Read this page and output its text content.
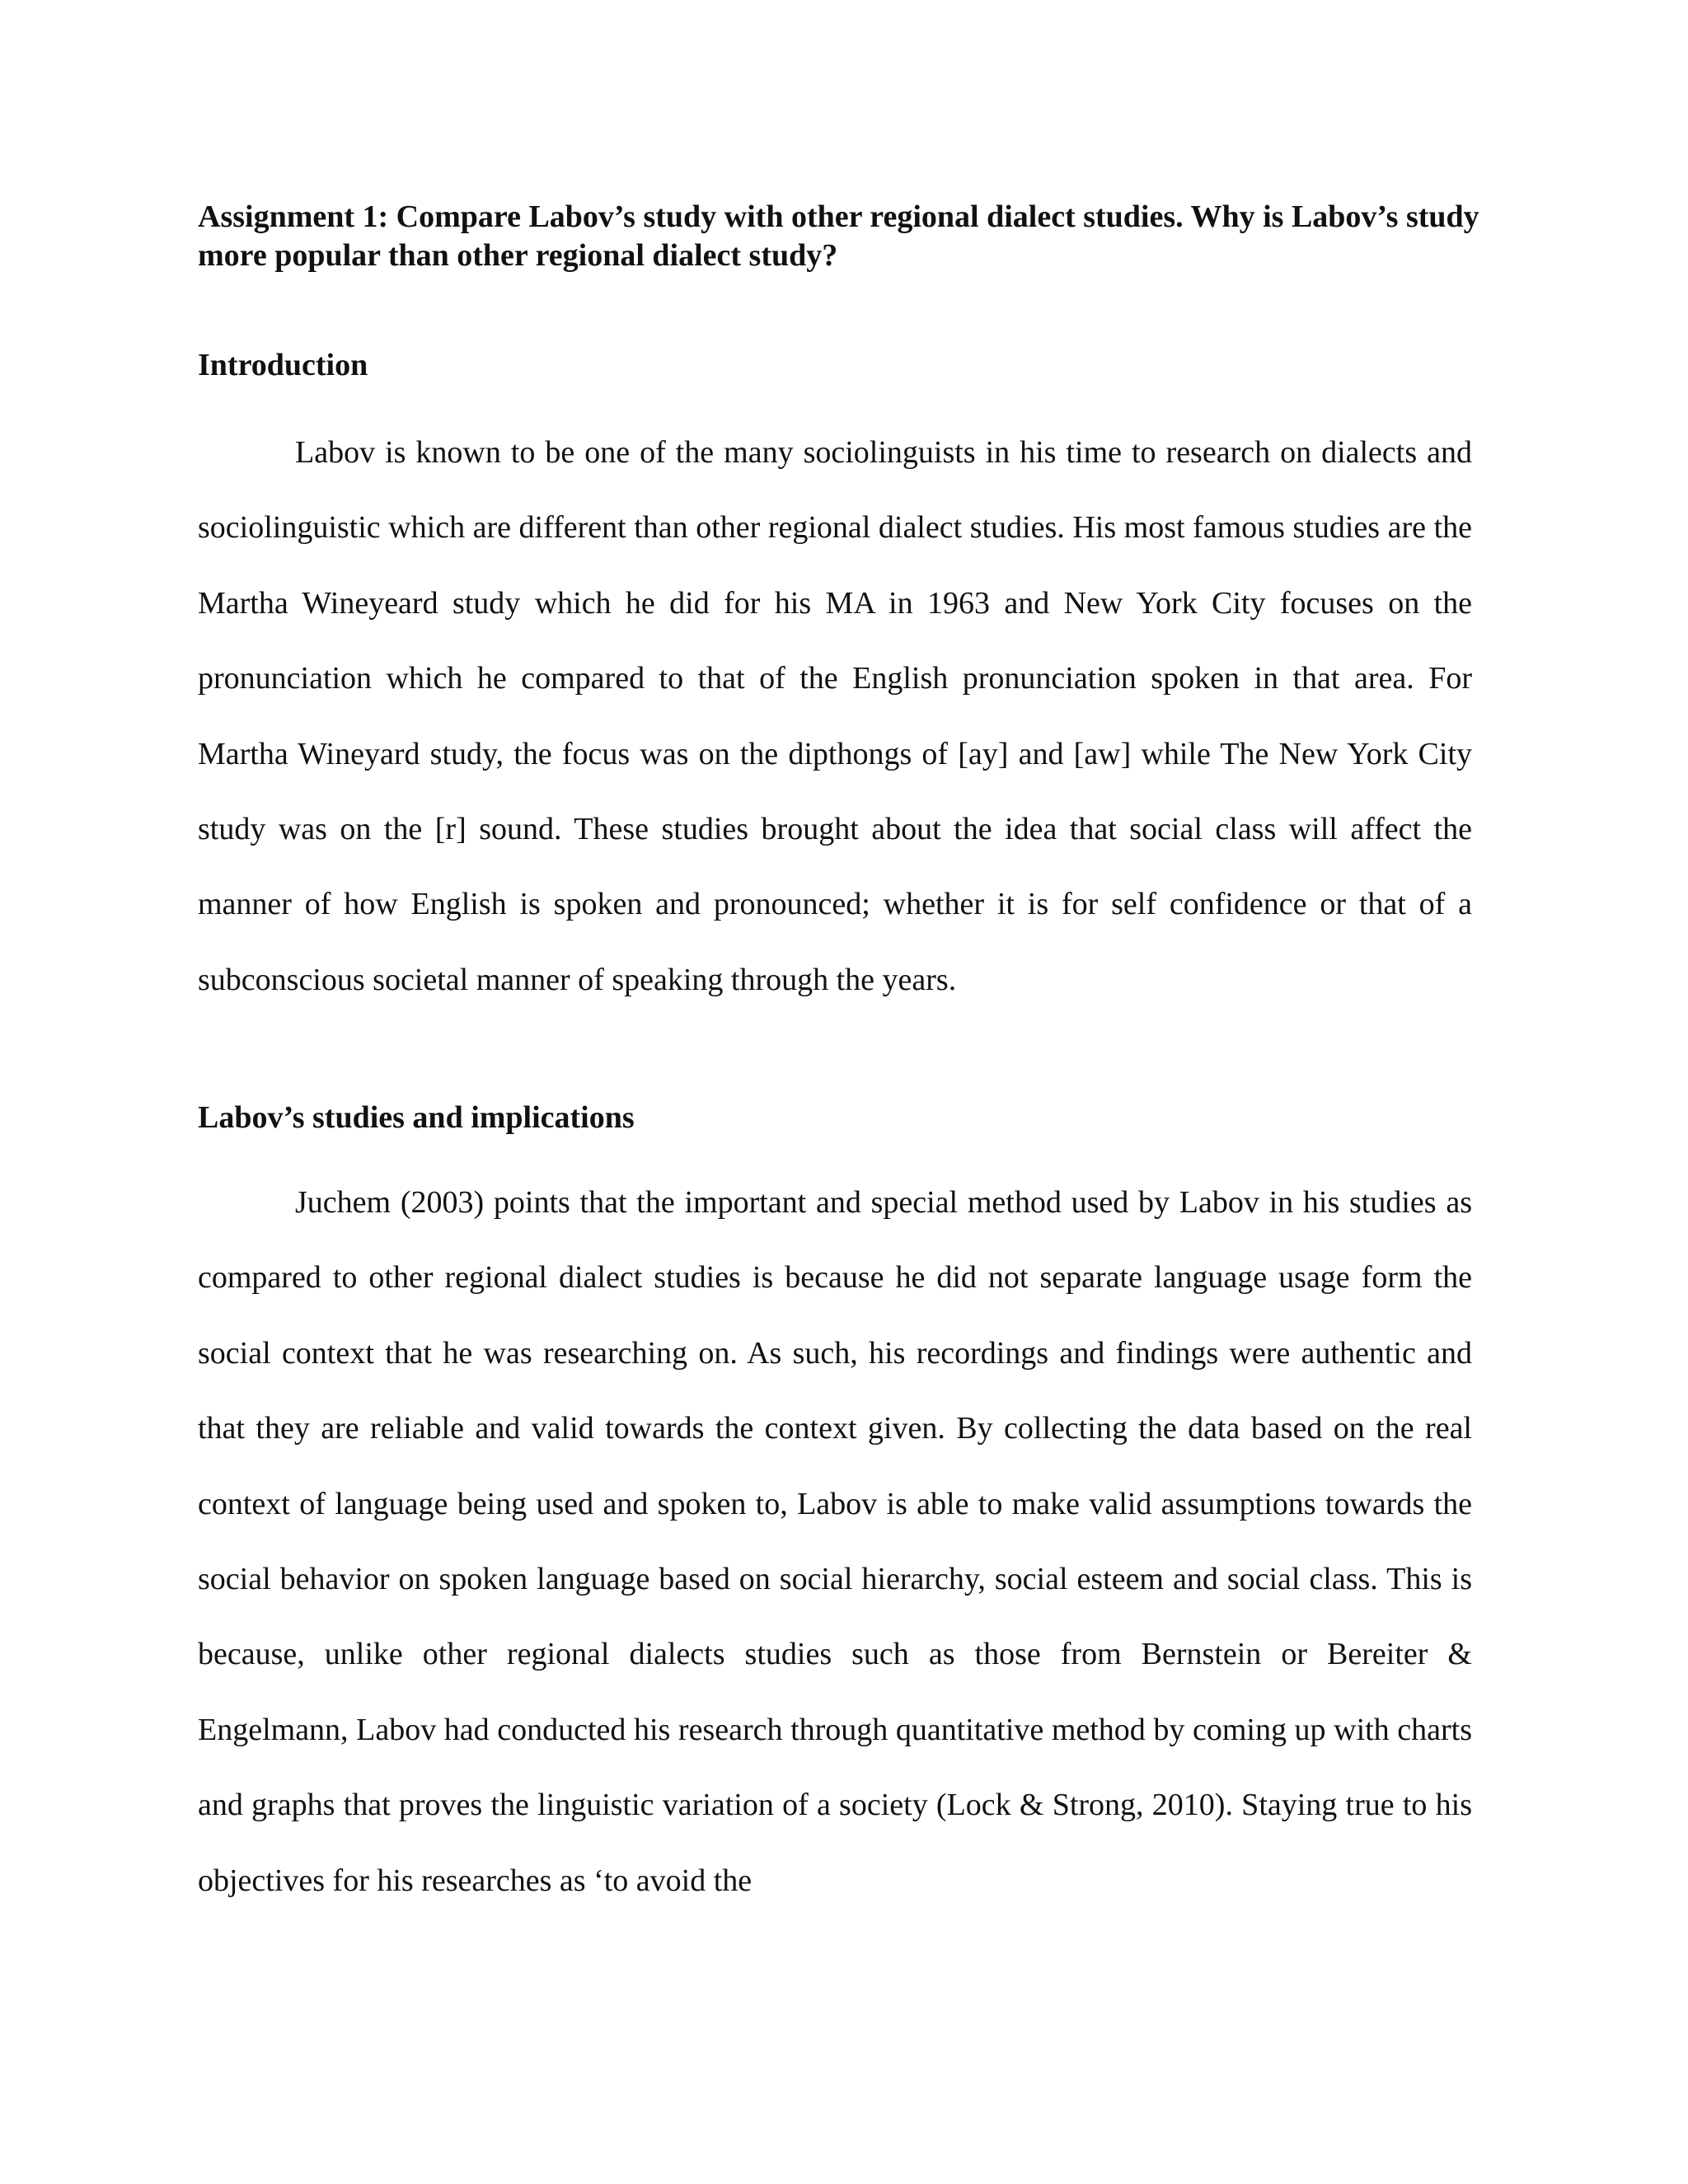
Assignment 1: Compare Labov’s study with other regional dialect studies. Why is Labov’s study more popular than other regional dialect study?

Introduction

Labov is known to be one of the many sociolinguists in his time to research on dialects and sociolinguistic which are different than other regional dialect studies. His most famous studies are the Martha Wineyeard study which he did for his MA in 1963 and New York City focuses on the pronunciation which he compared to that of the English pronunciation spoken in that area. For Martha Wineyard study, the focus was on the dipthongs of [ay] and [aw] while The New York City study was on the [r] sound. These studies brought about the idea that social class will affect the manner of how English is spoken and pronounced; whether it is for self confidence or that of a subconscious societal manner of speaking through the years.

Labov’s studies and implications

Juchem (2003) points that the important and special method used by Labov in his studies as compared to other regional dialect studies is because he did not separate language usage form the social context that he was researching on. As such, his recordings and findings were authentic and that they are reliable and valid towards the context given. By collecting the data based on the real context of language being used and spoken to, Labov is able to make valid assumptions towards the social behavior on spoken language based on social hierarchy, social esteem and social class. This is because, unlike other regional dialects studies such as those from Bernstein or Bereiter & Engelmann, Labov had conducted his research through quantitative method by coming up with charts and graphs that proves the linguistic variation of a society (Lock & Strong, 2010). Staying true to his objectives for his researches as ‘to avoid the
